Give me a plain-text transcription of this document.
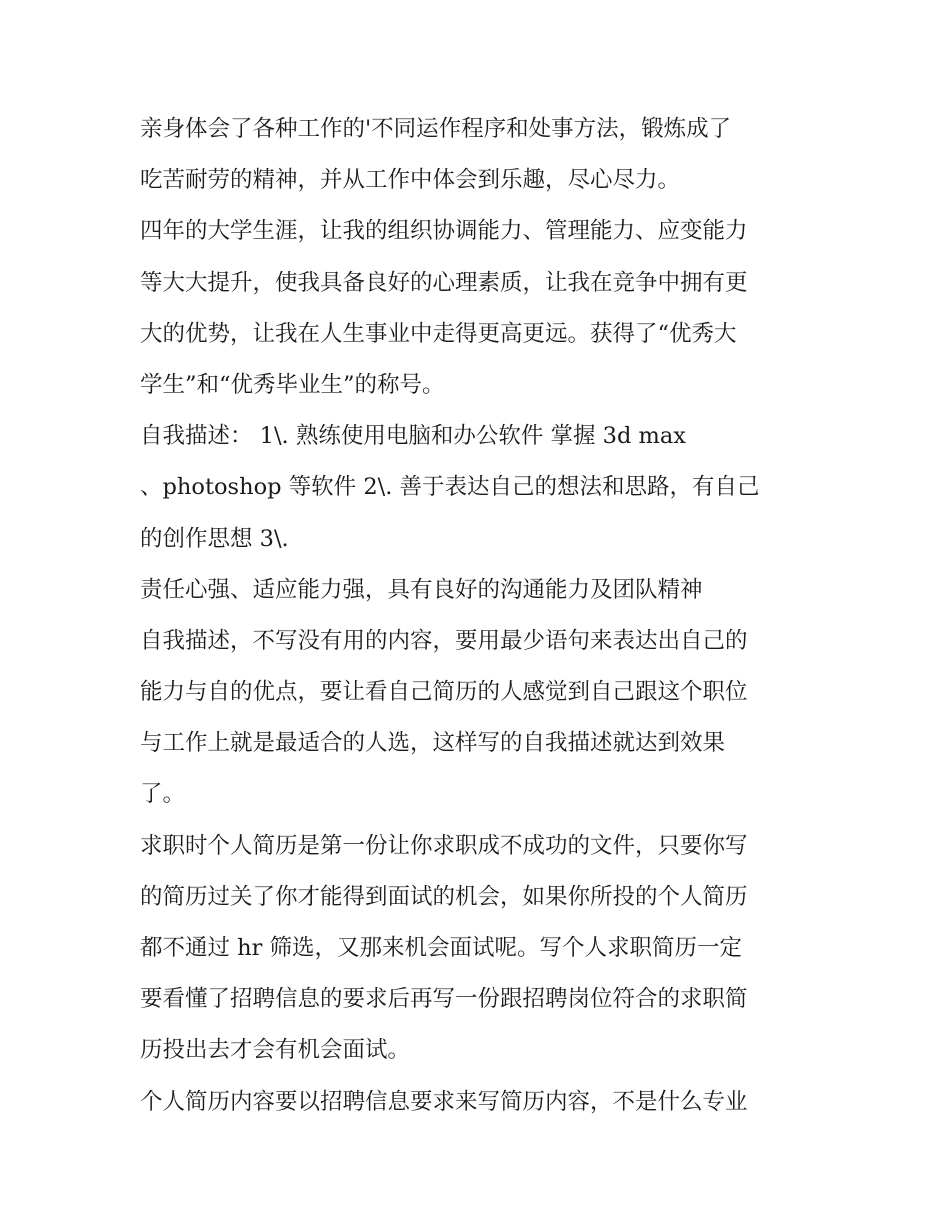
亲身体会了各种工作的'不同运作程序和处事方法，锻炼成了
吃苦耐劳的精神，并从工作中体会到乐趣，尽心尽力。
四年的大学生涯，让我的组织协调能力、管理能力、应变能力
等大大提升，使我具备良好的心理素质，让我在竞争中拥有更
大的优势，让我在人生事业中走得更高更远。获得了“优秀大
学生”和“优秀毕业生”的称号。
自我描述： 1\. 熟练使用电脑和办公软件 掌握 3d max
、photoshop 等软件 2\. 善于表达自己的想法和思路，有自己
的创作思想 3\.
责任心强、适应能力强，具有良好的沟通能力及团队精神
自我描述，不写没有用的内容，要用最少语句来表达出自己的
能力与自的优点，要让看自己简历的人感觉到自己跟这个职位
与工作上就是最适合的人选，这样写的自我描述就达到效果
了。
求职时个人简历是第一份让你求职成不成功的文件，只要你写
的简历过关了你才能得到面试的机会，如果你所投的个人简历
都不通过 hr 筛选，又那来机会面试呢。写个人求职简历一定
要看懂了招聘信息的要求后再写一份跟招聘岗位符合的求职简
历投出去才会有机会面试。
个人简历内容要以招聘信息要求来写简历内容，不是什么专业
